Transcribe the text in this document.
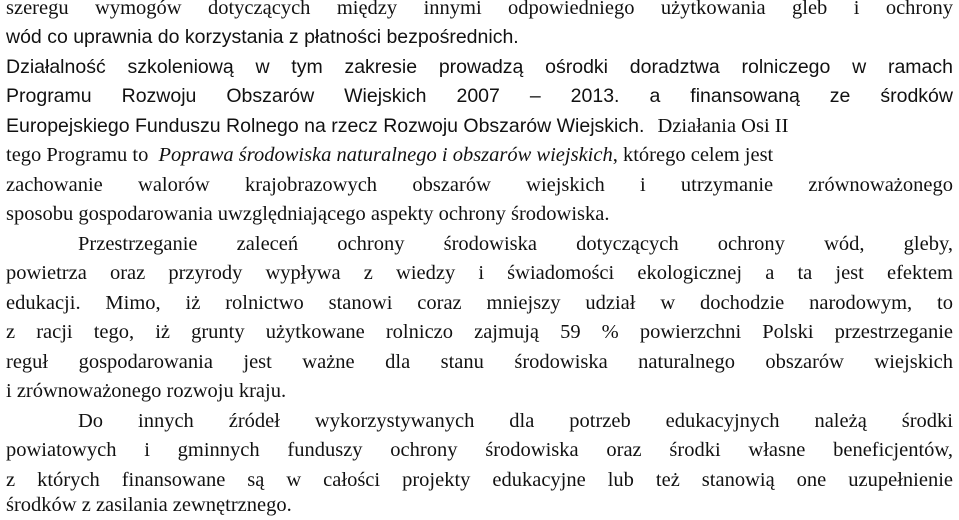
szeregu wymogów dotyczących między innymi odpowiedniego użytkowania gleb i ochrony
wód co uprawnia do korzystania z płatności bezpośrednich.
Działalność szkoleniową w tym zakresie prowadzą ośrodki doradztwa rolniczego w ramach
Programu Rozwoju Obszarów Wiejskich 2007 – 2013. a finansowaną ze środków
Europejskiego Funduszu Rolnego na rzecz Rozwoju Obszarów Wiejskich. Działania Osi II
tego Programu to Poprawa środowiska naturalnego i obszarów wiejskich, którego celem jest
zachowanie walorów krajobrazowych obszarów wiejskich i utrzymanie zrównoważonego
sposobu gospodarowania uwzględniającego aspekty ochrony środowiska.
Przestrzeganie zaleceń ochrony środowiska dotyczących ochrony wód, gleby,
powietrza oraz przyrody wypływa z wiedzy i świadomości ekologicznej a ta jest efektem
edukacji. Mimo, iż rolnictwo stanowi coraz mniejszy udział w dochodzie narodowym, to
z racji tego, iż grunty użytkowane rolniczo zajmują 59 % powierzchni Polski przestrzeganie
reguł gospodarowania jest ważne dla stanu środowiska naturalnego obszarów wiejskich
i zrównoważonego rozwoju kraju.
Do innych źródeł wykorzystywanych dla potrzeb edukacyjnych należą środki
powiatowych i gminnych funduszy ochrony środowiska oraz środki własne beneficjentów,
z których finansowane są w całości projekty edukacyjne lub też stanowią one uzupełnienie
środków z zasilania zewnętrznego.
